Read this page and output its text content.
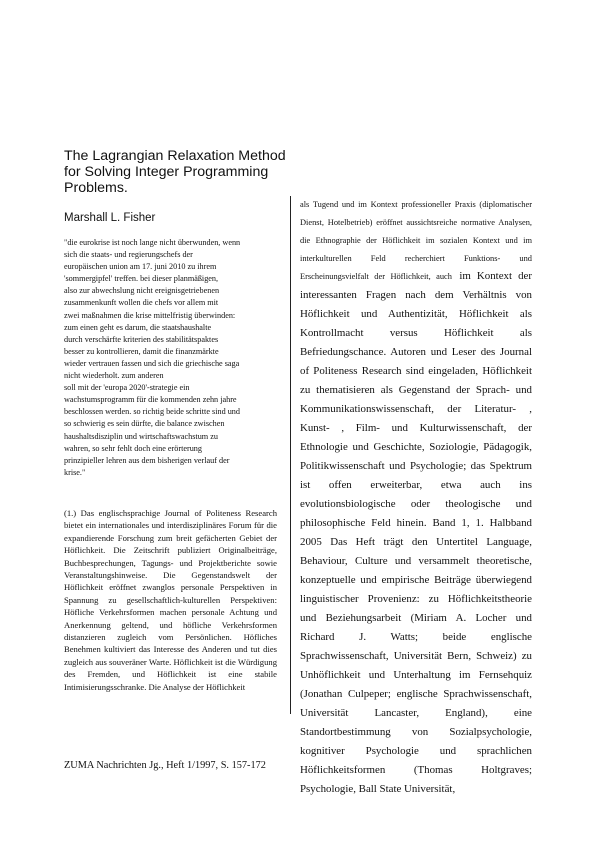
The Lagrangian Relaxation Method for Solving Integer Programming Problems.
Marshall L. Fisher
"die eurokrise ist noch lange nicht überwunden, wenn
sich die staats- und regierungschefs der
europäischen union am 17. juni 2010 zu ihrem
'sommergipfel' treffen. bei dieser planmäßigen,
also zur abwechslung nicht ereignisgetriebenen
zusammenkunft wollen die chefs vor allem mit
zwei maßnahmen die krise mittelfristig überwinden:
zum einen geht es darum, die staatshaushalte
durch verschärfte kriterien des stabilitätspaktes
besser zu kontrollieren, damit die finanzmärkte
wieder vertrauen fassen und sich die griechische saga
nicht wiederholt. zum anderen
soll mit der 'europa 2020'-strategie ein
wachstumsprogramm für die kommenden zehn jahre
beschlossen werden. so richtig beide schritte sind und
so schwierig es sein dürfte, die balance zwischen
haushaltsdisziplin und wirtschaftswachstum zu
wahren, so sehr fehlt doch eine erörterung
prinzipieller lehren aus dem bisherigen verlauf der
krise."
(1.) Das englischsprachige Journal of Politeness Research bietet ein internationales und interdisziplinäres Forum für die expandierende Forschung zum breit gefächerten Gebiet der Höflichkeit. Die Zeitschrift publiziert Originalbeiträge, Buchbesprechungen, Tagungs- und Projektberichte sowie Veranstaltungshinweise. Die Gegenstandswelt der Höflichkeit eröffnet zwanglos personale Perspektiven in Spannung zu gesellschaftlich-kulturellen Perspektiven: Höfliche Verkehrsformen machen personale Achtung und Anerkennung geltend, und höfliche Verkehrsformen distanzieren zugleich vom Persönlichen. Höfliches Benehmen kultiviert das Interesse des Anderen und tut dies zugleich aus souveräner Warte. Höflichkeit ist die Würdigung des Fremden, und Höflichkeit ist eine stabile Intimisierungsschranke. Die Analyse der Höflichkeit
ZUMA Nachrichten Jg., Heft 1/1997, S. 157-172
als Tugend und im Kontext professioneller Praxis (diplomatischer Dienst, Hotelbetrieb) eröffnet aussichtsreiche normative Analysen, die Ethnographie der Höflichkeit im sozialen Kontext und im interkulturellen Feld recherchiert Funktions- und Erscheinungsvielfalt der Höflichkeit, auch im Kontext der interessanten Fragen nach dem Verhältnis von Höflichkeit und Authentizität, Höflichkeit als Kontrollmacht versus Höflichkeit als Befriedungschance. Autoren und Leser des Journal of Politeness Research sind eingeladen, Höflichkeit zu thematisieren als Gegenstand der Sprach- und Kommunikationswissenschaft, der Literatur- , Kunst- , Film- und Kulturwissenschaft, der Ethnologie und Geschichte, Soziologie, Pädagogik, Politikwissenschaft und Psychologie; das Spektrum ist offen erweiterbar, etwa auch ins evolutionsbiologische oder theologische und philosophische Feld hinein. Band 1, 1. Halbband 2005 Das Heft trägt den Untertitel Language, Behaviour, Culture und versammelt theoretische, konzeptuelle und empirische Beiträge überwiegend linguistischer Provenienz: zu Höflichkeitstheorie und Beziehungsarbeit (Miriam A. Locher und Richard J. Watts; beide englische Sprachwissenschaft, Universität Bern, Schweiz) zu Unhöflichkeit und Unterhaltung im Fernsehquiz (Jonathan Culpeper; englische Sprachwissenschaft, Universität Lancaster, England), eine Standortbestimmung von Sozialpsychologie, kognitiver Psychologie und sprachlichen Höflichkeitsformen (Thomas Holtgraves; Psychologie, Ball State Universität,
